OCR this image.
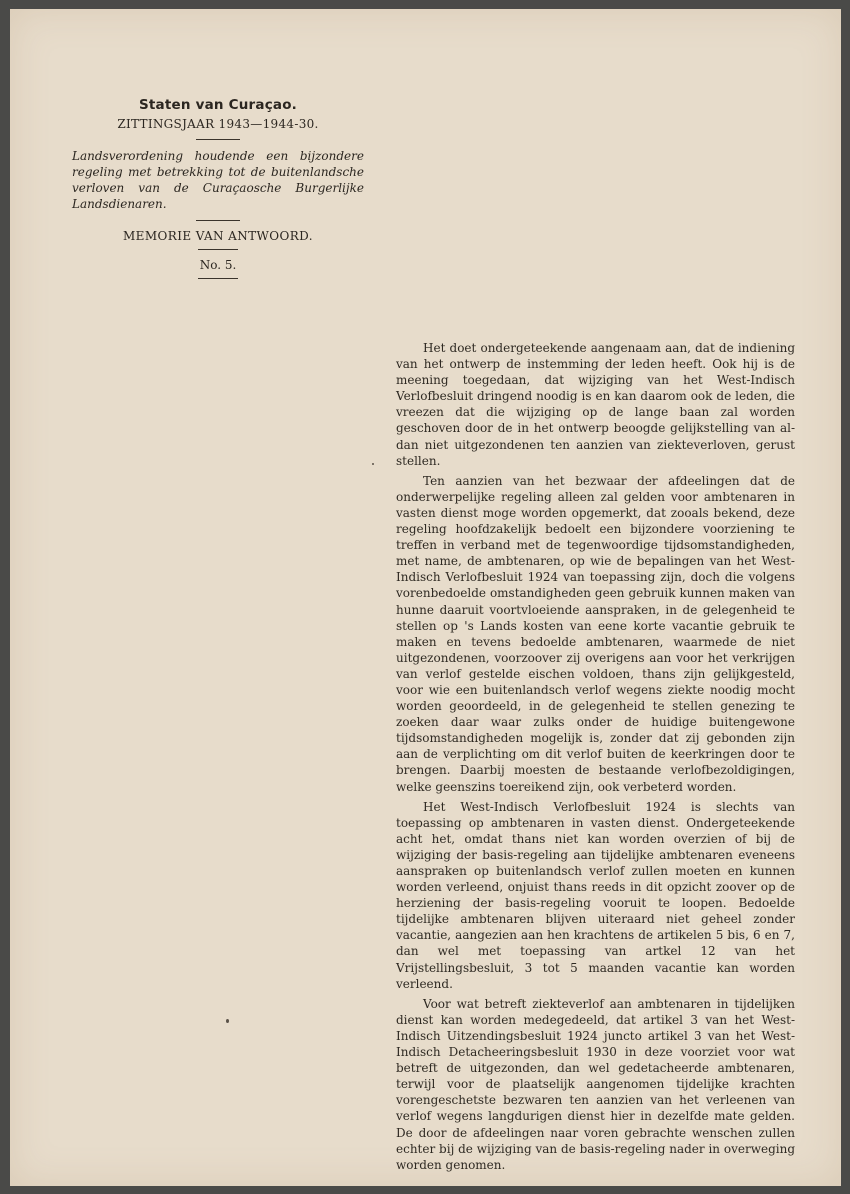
Staten van Curaçao.
ZITTINGSJAAR 1943—1944-30.

Landsverordening houdende een bijzondere regeling met betrekking tot de buitenlandsche verloven van de Curaçaosche Burgerlijke Landsdienaren.

MEMORIE VAN ANTWOORD.
No. 5.

Het doet ondergeteekende aangenaam aan, dat de indiening van het ontwerp de instemming der leden heeft. Ook hij is de meening toegedaan, dat wijziging van het West-Indisch Verlofbesluit dringend noodig is en kan daarom ook de leden, die vreezen dat die wijziging op de lange baan zal worden geschoven door de in het ontwerp beoogde gelijkstelling van al- dan niet uitgezondenen ten aanzien van ziekteverloven, gerust stellen.

Ten aanzien van het bezwaar der afdeelingen dat de onderwerpelijke regeling alleen zal gelden voor ambtenaren in vasten dienst moge worden opgemerkt, dat zooals bekend, deze regeling hoofdzakelijk bedoelt een bijzondere voorziening te treffen in verband met de tegenwoordige tijdsomstandigheden, met name, de ambtenaren, op wie de bepalingen van het West-Indisch Verlofbesluit 1924 van toepassing zijn, doch die volgens vorenbedoelde omstandigheden geen gebruik kunnen maken van hunne daaruit voortvloeiende aanspraken, in de gelegenheid te stellen op 's Lands kosten van eene korte vacantie gebruik te maken en tevens bedoelde ambtenaren, waarmede de niet uitgezondenen, voorzoover zij overigens aan voor het verkrijgen van verlof gestelde eischen voldoen, thans zijn gelijkgesteld, voor wie een buitenlandsch verlof wegens ziekte noodig mocht worden geoordeeld, in de gelegenheid te stellen genezing te zoeken daar waar zulks onder de huidige buitengewone tijdsomstandigheden mogelijk is, zonder dat zij gebonden zijn aan de verplichting om dit verlof buiten de keerkringen door te brengen. Daarbij moesten de bestaande verlofbezoldigingen, welke geenszins toereikend zijn, ook verbeterd worden.

Het West-Indisch Verlofbesluit 1924 is slechts van toepassing op ambtenaren in vasten dienst. Ondergeteekende acht het, omdat thans niet kan worden overzien of bij de wijziging der basis-regeling aan tijdelijke ambtenaren eveneens aanspraken op buitenlandsch verlof zullen moeten en kunnen worden verleend, onjuist thans reeds in dit opzicht zoover op de herziening der basis-regeling vooruit te loopen. Bedoelde tijdelijke ambtenaren blijven uiteraard niet geheel zonder vacantie, aangezien aan hen krachtens de artikelen 5 bis, 6 en 7, dan wel met toepassing van artkel 12 van het Vrijstellingsbesluit, 3 tot 5 maanden vacantie kan worden verleend.

Voor wat betreft ziekteverlof aan ambtenaren in tijdelijken dienst kan worden medegedeeld, dat artikel 3 van het West-Indisch Uitzendingsbesluit 1924 juncto artikel 3 van het West-Indisch Detacheeringsbesluit 1930 in deze voorziet voor wat betreft de uitgezonden, dan wel gedetacheerde ambtenaren, terwijl voor de plaatselijk aangenomen tijdelijke krachten vorengeschetste bezwaren ten aanzien van het verleenen van verlof wegens langdurigen dienst hier in dezelfde mate gelden. De door de afdeelingen naar voren gebrachte wenschen zullen echter bij de wijziging van de basis-regeling nader in overweging worden genomen.
